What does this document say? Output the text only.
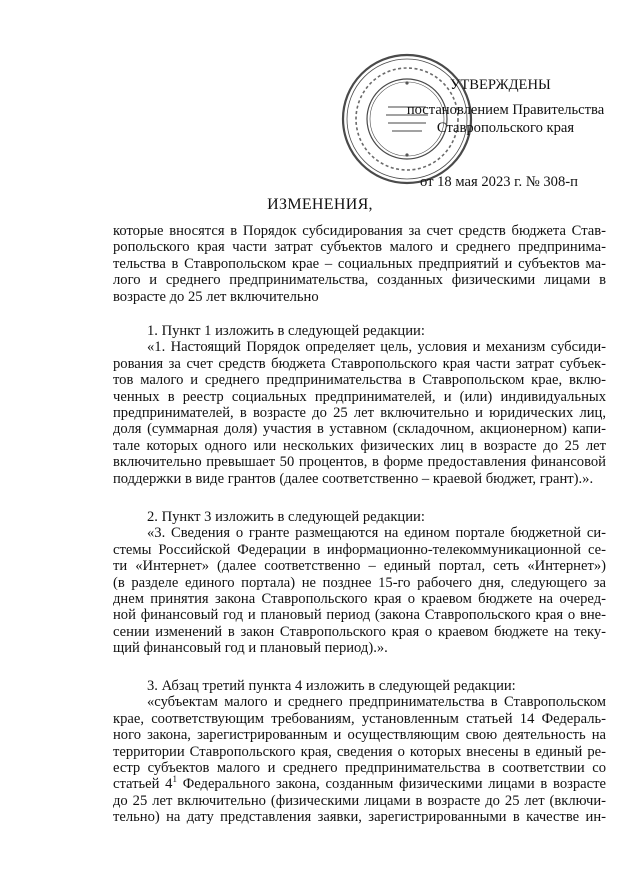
УТВЕРЖДЕНЫ
постановлением Правительства
Ставропольского края
от 18 мая 2023 г. № 308-п
ИЗМЕНЕНИЯ,
которые вносятся в Порядок субсидирования за счет средств бюджета Став-
ропольского края части затрат субъектов малого и среднего предпринима-
тельства в Ставропольском крае – социальных предприятий и субъектов ма-
лого и среднего предпринимательства, созданных физическими лицами в
возрасте до 25 лет включительно
1. Пункт 1 изложить в следующей редакции:
«1. Настоящий Порядок определяет цель, условия и механизм субсиди-
рования за счет средств бюджета Ставропольского края части затрат субъек-
тов малого и среднего предпринимательства в Ставропольском крае, вклю-
ченных в реестр социальных предпринимателей, и (или) индивидуальных
предпринимателей, в возрасте до 25 лет включительно и юридических лиц,
доля (суммарная доля) участия в уставном (складочном, акционерном) капи-
тале которых одного или нескольких физических лиц в возрасте до 25 лет
включительно превышает 50 процентов, в форме предоставления финансовой
поддержки в виде грантов (далее соответственно – краевой бюджет, грант).».
2. Пункт 3 изложить в следующей редакции:
«3. Сведения о гранте размещаются на едином портале бюджетной си-
стемы Российской Федерации в информационно-телекоммуникационной се-
ти «Интернет» (далее соответственно – единый портал, сеть «Интернет»)
(в разделе единого портала) не позднее 15-го рабочего дня, следующего за
днем принятия закона Ставропольского края о краевом бюджете на очеред-
ной финансовый год и плановый период (закона Ставропольского края о вне-
сении изменений в закон Ставропольского края о краевом бюджете на теку-
щий финансовый год и плановый период).».
3. Абзац третий пункта 4 изложить в следующей редакции:
«субъектам малого и среднего предпринимательства в Ставропольском
крае, соответствующим требованиям, установленным статьей 14 Федераль-
ного закона, зарегистрированным и осуществляющим свою деятельность на
территории Ставропольского края, сведения о которых внесены в единый ре-
естр субъектов малого и среднего предпринимательства в соответствии со
статьей $4^1$ Федерального закона, созданным физическими лицами в возрасте
до 25 лет включительно (физическими лицами в возрасте до 25 лет (включи-
тельно) на дату представления заявки, зарегистрированными в качестве ин-
